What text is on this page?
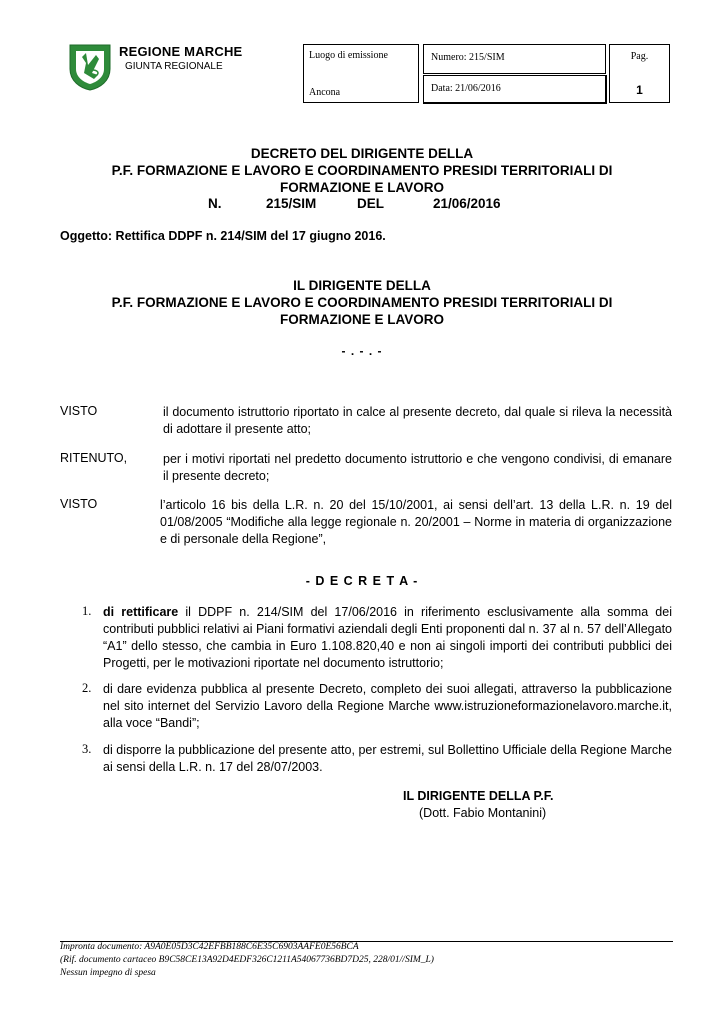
REGIONE MARCHE
GIUNTA REGIONALE
Luogo di emissione
Ancona
Numero: 215/SIM
Data: 21/06/2016
Pag.
1
DECRETO DEL DIRIGENTE DELLA
P.F. FORMAZIONE E LAVORO E COORDINAMENTO PRESIDI TERRITORIALI DI
FORMAZIONE E LAVORO
N.	215/SIM	DEL	21/06/2016
Oggetto: Rettifica DDPF n. 214/SIM del 17 giugno 2016.
IL DIRIGENTE DELLA
P.F. FORMAZIONE E LAVORO E COORDINAMENTO PRESIDI TERRITORIALI DI
FORMAZIONE E LAVORO
- . - . -
VISTO	il documento istruttorio riportato in calce al presente decreto, dal quale si rileva la necessità di adottare il presente atto;
RITENUTO,	per i motivi riportati nel predetto documento istruttorio e che vengono condivisi, di emanare il presente decreto;
VISTO	l’articolo 16 bis della L.R. n. 20 del 15/10/2001, ai sensi dell’art. 13 della L.R. n. 19 del 01/08/2005 “Modifiche alla legge regionale n. 20/2001 – Norme in materia di organizzazione e di personale della Regione”,
- D E C R E T A -
1. di rettificare il DDPF n. 214/SIM del 17/06/2016 in riferimento esclusivamente alla somma dei contributi pubblici relativi ai Piani formativi aziendali degli Enti proponenti dal n. 37 al n. 57 dell’Allegato “A1” dello stesso, che cambia in Euro 1.108.820,40 e non ai singoli importi dei contributi pubblici dei Progetti, per le motivazioni riportate nel documento istruttorio;
2. di dare evidenza pubblica al presente Decreto, completo dei suoi allegati, attraverso la pubblicazione nel sito internet del Servizio Lavoro della Regione Marche www.istruzioneformazionelavoro.marche.it, alla voce “Bandi”;
3. di disporre la pubblicazione del presente atto, per estremi, sul Bollettino Ufficiale della Regione Marche ai sensi della L.R. n. 17 del 28/07/2003.
IL DIRIGENTE DELLA P.F.
(Dott. Fabio Montanini)
Impronta documento: A9A0E05D3C42EFBB188C6E35C6903AAFE0E56BCA
(Rif. documento cartaceo B9C58CE13A92D4EDF326C1211A54067736BD7D25, 228/01//SIM_L)
Nessun impegno di spesa
